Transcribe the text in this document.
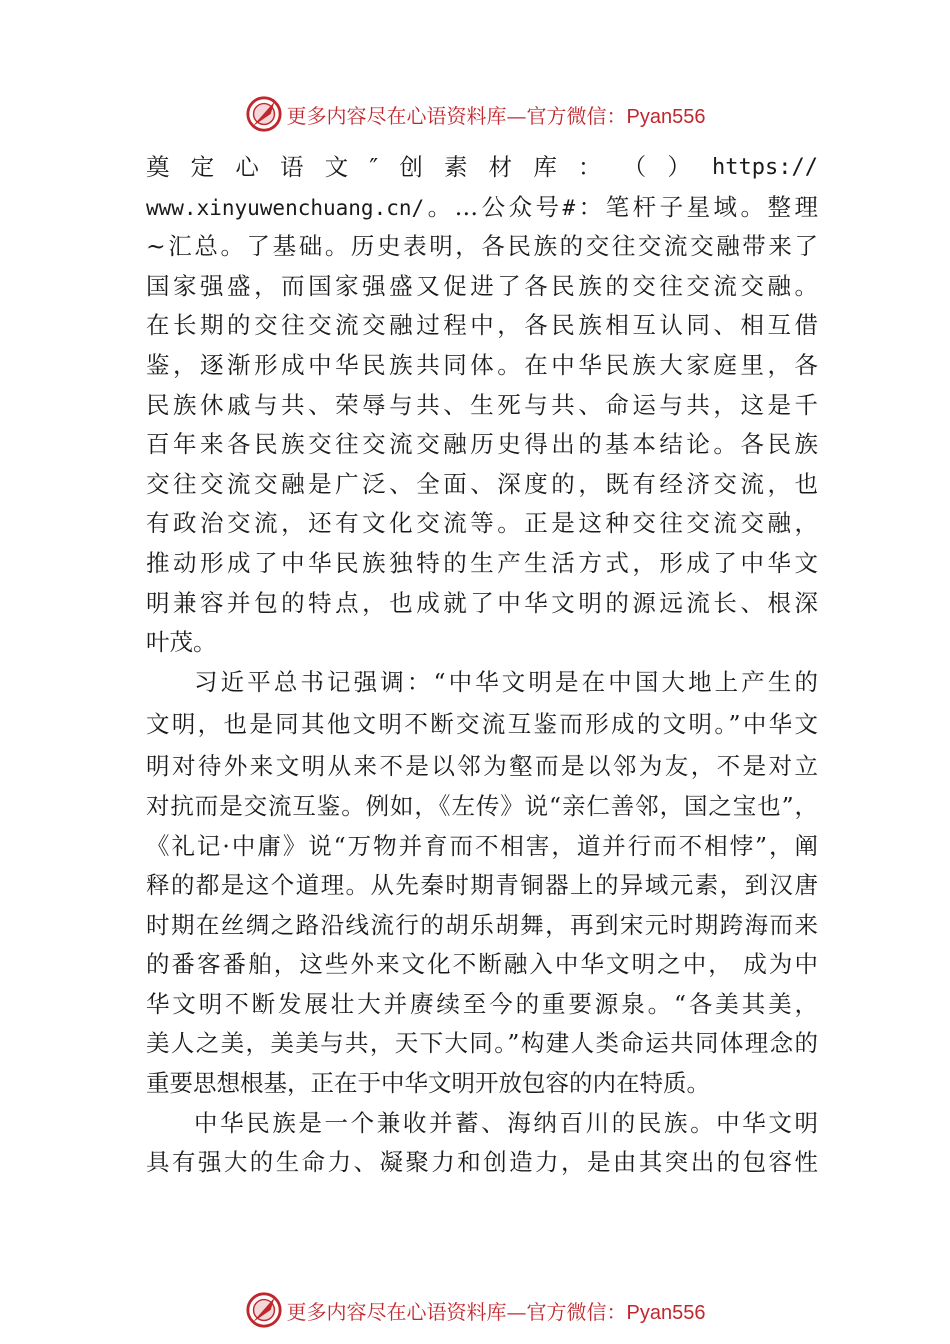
更多内容尽在心语资料库—官方微信：Pyan556
奠 定 心 语 文 ″ 创 素 材 库 ： （ ） https://
www.xinyuwenchuang.cn/。…公众号#：笔杆子星域。整理
~汇总。了基础。历史表明，各民族的交往交流交融带来了
国家强盛，而国家强盛又促进了各民族的交往交流交融。
在长期的交往交流交融过程中，各民族相互认同、相互借
鉴，逐渐形成中华民族共同体。在中华民族大家庭里，各
民族休戚与共、荣辱与共、生死与共、命运与共，这是千
百年来各民族交往交流交融历史得出的基本结论。各民族
交往交流交融是广泛、全面、深度的，既有经济交流，也
有政治交流，还有文化交流等。正是这种交往交流交融，
推动形成了中华民族独特的生产生活方式，形成了中华文
明兼容并包的特点，也成就了中华文明的源远流长、根深
叶茂。
习近平总书记强调：“中华文明是在中国大地上产生的
文明，也是同其他文明不断交流互鉴而形成的文明。”中华文
明对待外来文明从来不是以邻为壑而是以邻为友，不是对立
对抗而是交流互鉴。例如，《左传》说“亲仁善邻，国之宝也”，
《礼记·中庸》说“万物并育而不相害，道并行而不相悖”，阐
释的都是这个道理。从先秦时期青铜器上的异域元素，到汉唐
时期在丝绸之路沿线流行的胡乐胡舞，再到宋元时期跨海而来
的番客番舶，这些外来文化不断融入中华文明之中， 成为中
华文明不断发展壮大并赓续至今的重要源泉。“各美其美，
美人之美，美美与共，天下大同。”构建人类命运共同体理念的
重要思想根基，正在于中华文明开放包容的内在特质。
中华民族是一个兼收并蓄、海纳百川的民族。中华文明
具有强大的生命力、凝聚力和创造力，是由其突出的包容性
更多内容尽在心语资料库—官方微信：Pyan556
